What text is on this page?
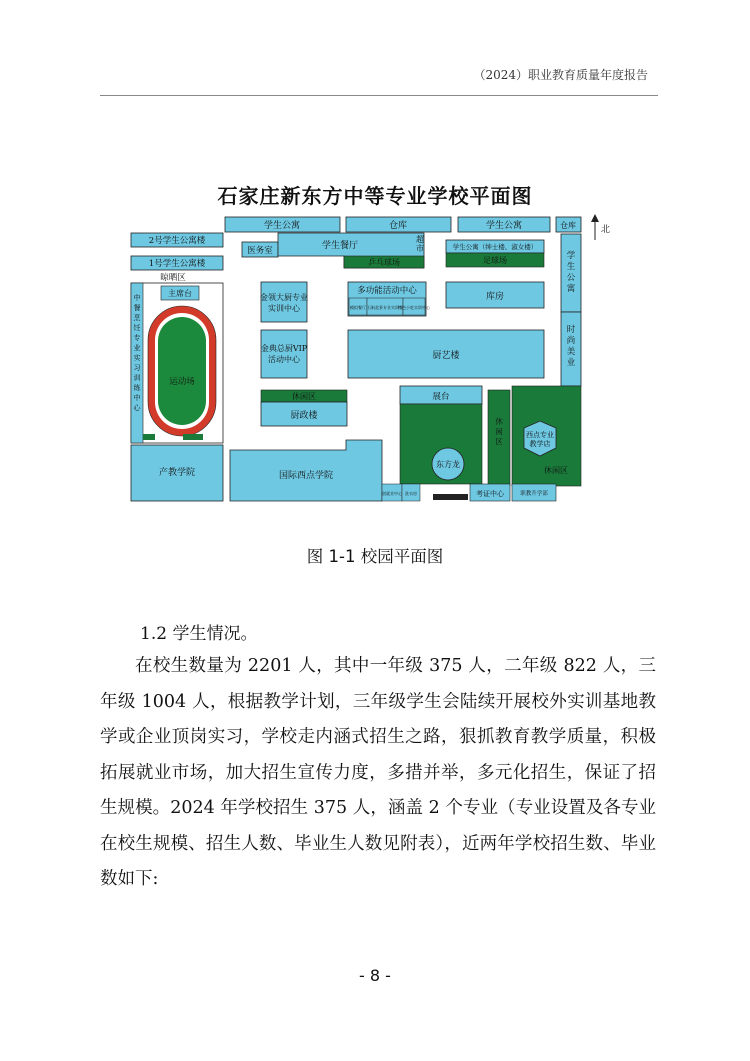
（2024）职业教育质量年度报告
石家庄新东方中等专业学校平面图
学生公寓	仓库	学生公寓	仓库	北
2号学生公寓楼
1号学生公寓楼
晾晒区
中餐烹饪专业实习训练中心
主席台
运动场
产教学院
医务室	学生餐厅
超市
乒乓球场
学生公寓（绅士楼、淑女楼）
足球场	学生公寓
时尚美业
金领大厨专业实训中心
多功能活动中心
模拟餐厅 石斛盆景专业实训室
特色小吃实训中心
库房
金典总厨VIP 活动中心	厨艺楼
休闲区
厨政楼
展台
东方龙
休闲区
西点专业教学店
休闲区
国际西点学院
创就业中心 洗衣房	考证中心	职教升学部
图 1-1 校园平面图
1.2 学生情况。
在校生数量为 2201 人，其中一年级 375 人，二年级 822 人，三年级 1004 人，根据教学计划，三年级学生会陆续开展校外实训基地教学或企业顶岗实习，学校走内涵式招生之路，狠抓教育教学质量，积极拓展就业市场，加大招生宣传力度，多措并举，多元化招生，保证了招生规模。2024 年学校招生 375 人，涵盖 2 个专业（专业设置及各专业在校生规模、招生人数、毕业生人数见附表），近两年学校招生数、毕业数如下:
- 8 -
